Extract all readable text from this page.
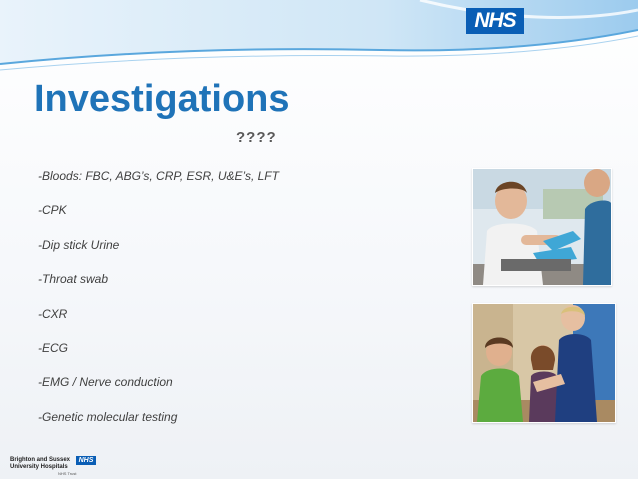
NHS
Investigations
????
-Bloods: FBC, ABG’s, CRP, ESR, U&E’s, LFT
-CPK
-Dip stick Urine
-Throat swab
-CXR
-ECG
-EMG / Nerve conduction
-Genetic molecular testing
Brighton and Sussex
University Hospitals
NHS
NHS Trust
